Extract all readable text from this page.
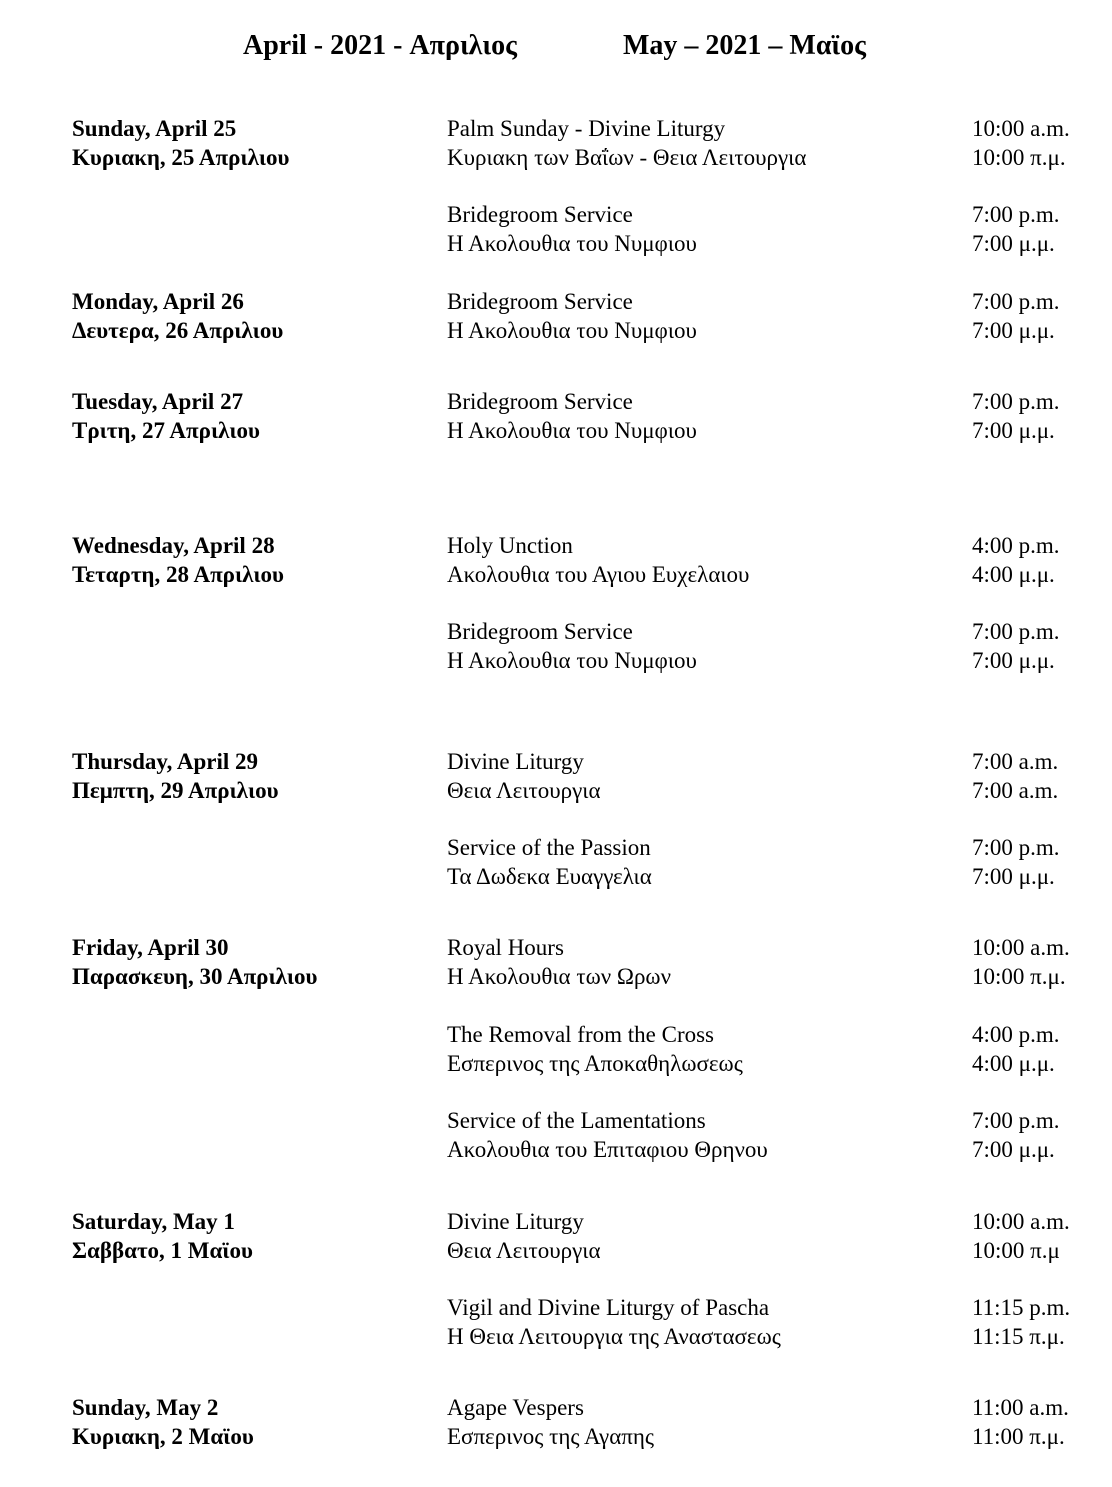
April - 2021 - Απριλιος	May – 2021 – Μαϊος
Sunday, April 25
Κυριακη, 25 Απριλιου
Palm Sunday - Divine Liturgy
Κυριακη των Βαΐων - Θεια Λειτουργια
10:00 a.m.
10:00 π.μ.
Bridegroom Service
Η Ακολουθια του Νυμφιου
7:00 p.m.
7:00 μ.μ.
Monday, April 26
Δευτερα, 26 Απριλιου
Bridegroom Service
Η Ακολουθια του Νυμφιου
7:00 p.m.
7:00 μ.μ.
Tuesday, April 27
Τριτη, 27 Απριλιου
Bridegroom Service
Η Ακολουθια του Νυμφιου
7:00 p.m.
7:00 μ.μ.
Wednesday, April 28
Τεταρτη, 28 Απριλιου
Holy Unction
Ακολουθια του Αγιου Ευχελαιου
4:00 p.m.
4:00 μ.μ.
Bridegroom Service
Η Ακολουθια του Νυμφιου
7:00 p.m.
7:00 μ.μ.
Thursday, April 29
Πεμπτη, 29 Απριλιου
Divine Liturgy
Θεια Λειτουργια
7:00 a.m.
7:00 a.m.
Service of the Passion
Τα Δωδεκα Ευαγγελια
7:00 p.m.
7:00 μ.μ.
Friday, April 30
Παρασκευη, 30 Απριλιου
Royal Hours
Η Ακολουθια των Ωρων
10:00 a.m.
10:00 π.μ.
The Removal from the Cross
Εσπερινος της Αποκαθηλωσεως
4:00 p.m.
4:00 μ.μ.
Service of the Lamentations
Ακολουθια του Επιταφιου Θρηνου
7:00 p.m.
7:00 μ.μ.
Saturday, May 1
Σαββατο, 1 Μαϊου
Divine Liturgy
Θεια Λειτουργια
10:00 a.m.
10:00 π.μ
Vigil and Divine Liturgy of Pascha
Η Θεια Λειτουργια της Αναστασεως
11:15 p.m.
11:15 π.μ.
Sunday, May 2
Κυριακη, 2 Μαϊου
Agape Vespers
Εσπερινος της Αγαπης
11:00 a.m.
11:00 π.μ.
